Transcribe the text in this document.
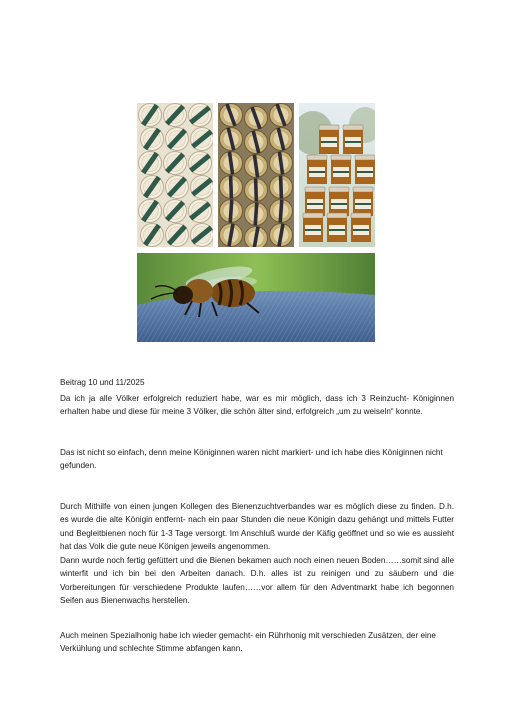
Beitrag 10 und 11/2025

Da ich ja alle Völker erfolgreich reduziert habe, war es mir möglich, dass ich 3 Reinzucht- Königinnen erhalten habe und diese für meine 3 Völker, die schön älter sind, erfolgreich „um zu weiseln“ konnte.

Das ist nicht so einfach, denn meine Königinnen waren nicht markiert- und ich habe dies Königinnen nicht gefunden.

Durch Mithilfe von einen jungen Kollegen des Bienenzuchtverbandes war es möglich diese zu finden. D.h. es wurde die alte Königin entfernt- nach ein paar Stunden die neue Königin dazu gehängt und mittels Futter und Begleitbienen noch für 1-3 Tage versorgt. Im Anschluß wurde der Käfig geöffnet und so wie es aussieht hat das Volk die gute neue Königen jeweils angenommen.

Dann wurde noch fertig gefüttert und die Bienen bekamen auch noch einen neuen Boden……somit sind alle winterfit und ich bin bei den Arbeiten danach. D.h. alles ist zu reinigen und zu säubern und die Vorbereitungen für verschiedene Produkte laufen……vor allem für den Adventmarkt habe ich begonnen Seifen aus Bienenwachs herstellen.

Auch meinen Spezialhonig habe ich wieder gemacht- ein Rührhonig mit verschieden Zusätzen, der eine Verkühlung und schlechte Stimme abfangen kann.
